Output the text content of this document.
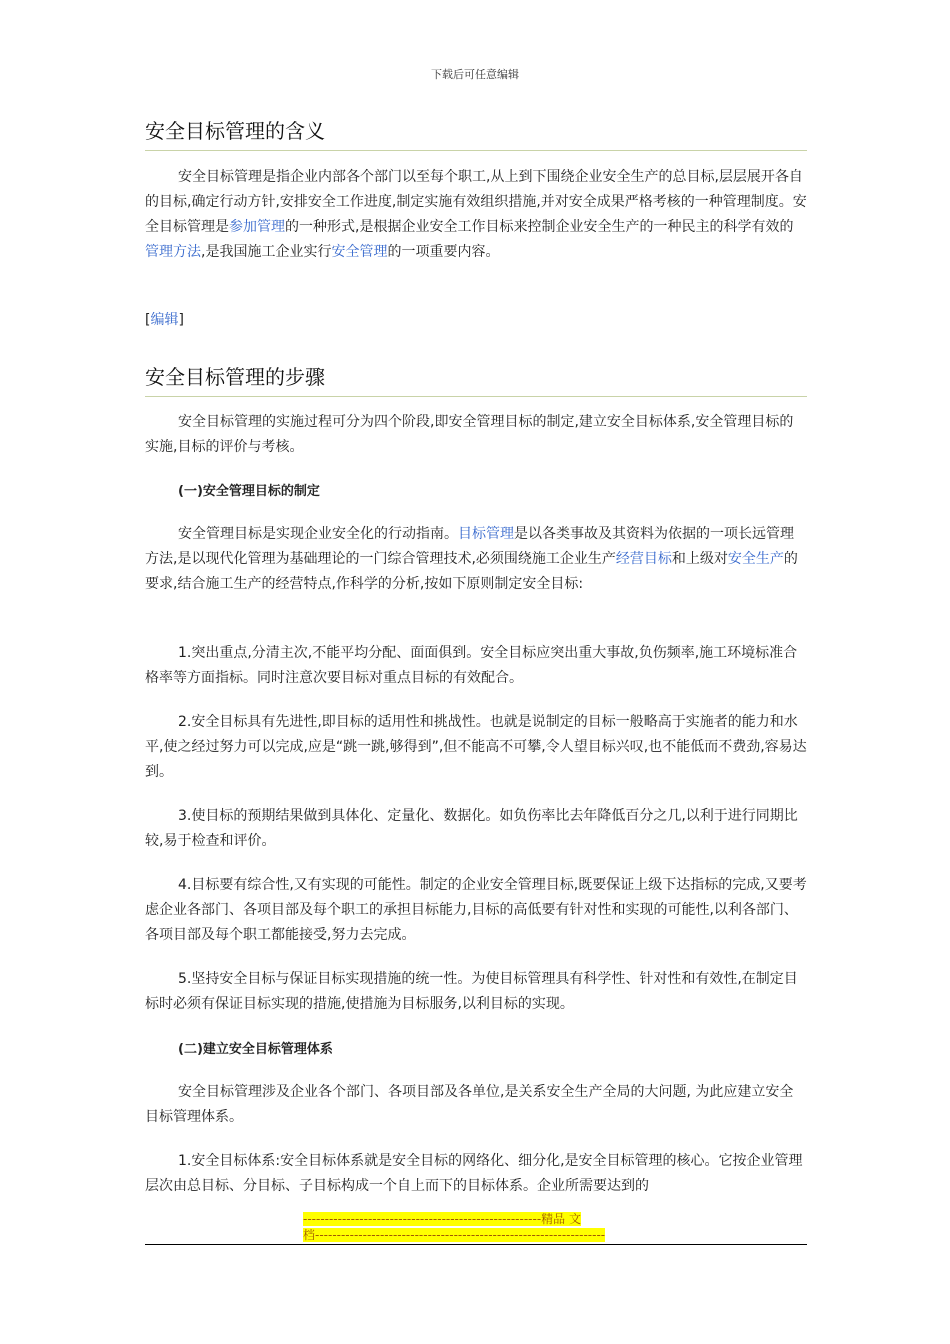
下载后可任意编辑
安全目标管理的含义

安全目标管理是指企业内部各个部门以至每个职工,从上到下围绕企业安全生产的总目标,层层展开各自的目标,确定行动方针,安排安全工作进度,制定实施有效组织措施,并对安全成果严格考核的一种管理制度。安全目标管理是参加管理的一种形式,是根据企业安全工作目标来控制企业安全生产的一种民主的科学有效的管理方法,是我国施工企业实行安全管理的一项重要内容。

[编辑]

安全目标管理的步骤

安全目标管理的实施过程可分为四个阶段,即安全管理目标的制定,建立安全目标体系,安全管理目标的实施,目标的评价与考核。

(一)安全管理目标的制定

安全管理目标是实现企业安全化的行动指南。目标管理是以各类事故及其资料为依据的一项长远管理方法,是以现代化管理为基础理论的一门综合管理技术,必须围绕施工企业生产经营目标和上级对安全生产的要求,结合施工生产的经营特点,作科学的分析,按如下原则制定安全目标:

1.突出重点,分清主次,不能平均分配、面面俱到。安全目标应突出重大事故,负伤频率,施工环境标准合格率等方面指标。同时注意次要目标对重点目标的有效配合。

2.安全目标具有先进性,即目标的适用性和挑战性。也就是说制定的目标一般略高于实施者的能力和水平,使之经过努力可以完成,应是“跳一跳,够得到”,但不能高不可攀,令人望目标兴叹,也不能低而不费劲,容易达到。

3.使目标的预期结果做到具体化、定量化、数据化。如负伤率比去年降低百分之几,以利于进行同期比较,易于检查和评价。

4.目标要有综合性,又有实现的可能性。制定的企业安全管理目标,既要保证上级下达指标的完成,又要考虑企业各部门、各项目部及每个职工的承担目标能力,目标的高低要有针对性和实现的可能性,以利各部门、各项目部及每个职工都能接受,努力去完成。

5.坚持安全目标与保证目标实现措施的统一性。为使目标管理具有科学性、针对性和有效性,在制定目标时必须有保证目标实现的措施,使措施为目标服务,以利目标的实现。

(二)建立安全目标管理体系

安全目标管理涉及企业各个部门、各项目部及各单位,是关系安全生产全局的大问题, 为此应建立安全目标管理体系。

1.安全目标体系:安全目标体系就是安全目标的网络化、细分化,是安全目标管理的核心。它按企业管理层次由总目标、分目标、子目标构成一个自上而下的目标体系。企业所需要达到的

-------------------------------------------------------精品 文
档-------------------------------------------------------------------
